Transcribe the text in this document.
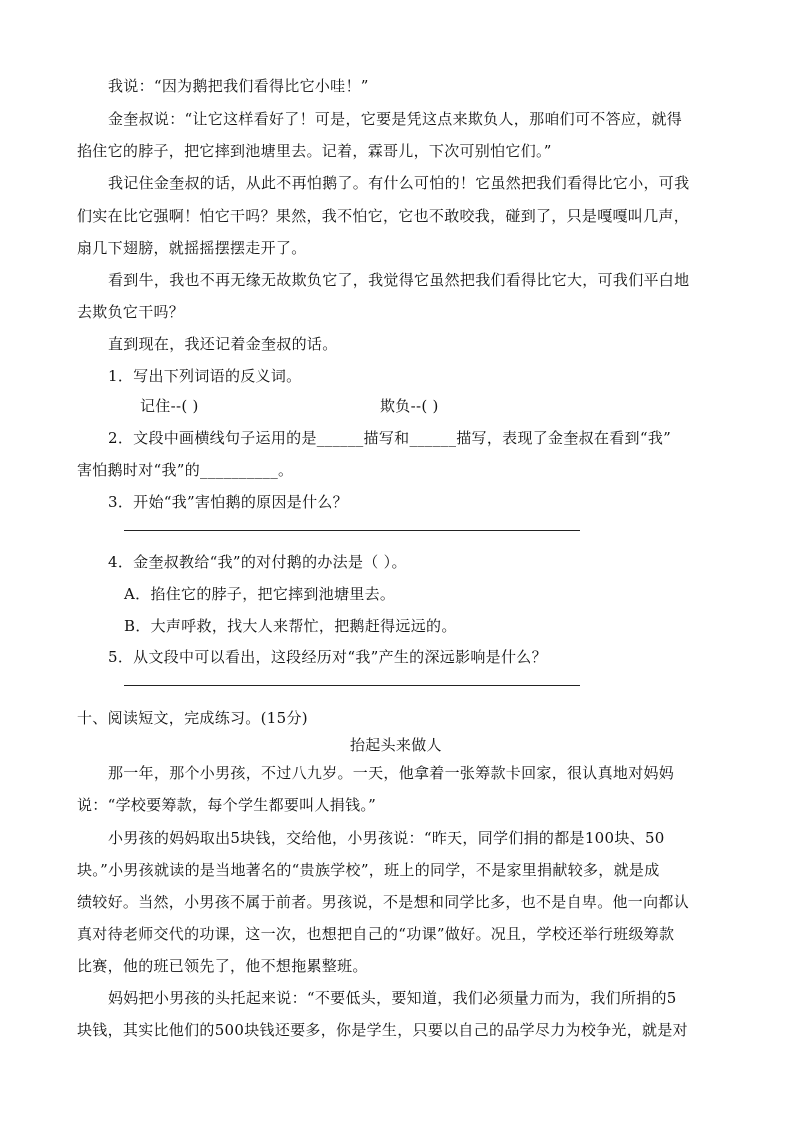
我说：“因为鹅把我们看得比它小哇！”
金奎叔说：“让它这样看好了！可是，它要是凭这点来欺负人，那咱们可不答应，就得
掐住它的脖子，把它摔到池塘里去。记着，霖哥儿，下次可别怕它们。”
我记住金奎叔的话，从此不再怕鹅了。有什么可怕的！它虽然把我们看得比它小，可我
们实在比它强啊！怕它干吗？果然，我不怕它，它也不敢咬我，碰到了，只是嘎嘎叫几声，
扇几下翅膀，就摇摇摆摆走开了。
看到牛，我也不再无缘无故欺负它了，我觉得它虽然把我们看得比它大，可我们平白地
去欺负它干吗？
直到现在，我还记着金奎叔的话。
1．写出下列词语的反义词。
记住--( )	欺负--( )
2．文段中画横线句子运用的是______描写和______描写，表现了金奎叔在看到“我”
害怕鹅时对“我”的__________。
3．开始“我”害怕鹅的原因是什么？
4．金奎叔教给“我”的对付鹅的办法是（ ）。
A．掐住它的脖子，把它摔到池塘里去。
B．大声呼救，找大人来帮忙，把鹅赶得远远的。
5．从文段中可以看出，这段经历对“我”产生的深远影响是什么？
十、阅读短文，完成练习。(15分)
抬起头来做人
那一年，那个小男孩，不过八九岁。一天，他拿着一张筹款卡回家，很认真地对妈妈
说：“学校要筹款，每个学生都要叫人捐钱。”
小男孩的妈妈取出5块钱，交给他，小男孩说：“昨天，同学们捐的都是100块、50
块。”小男孩就读的是当地著名的“贵族学校”，班上的同学，不是家里捐献较多，就是成
绩较好。当然，小男孩不属于前者。男孩说，不是想和同学比多，也不是自卑。他一向都认
真对待老师交代的功课，这一次，也想把自己的“功课”做好。况且，学校还举行班级筹款
比赛，他的班已领先了，他不想拖累整班。
妈妈把小男孩的头托起来说：“不要低头，要知道，我们必须量力而为，我们所捐的5
块钱，其实比他们的500块钱还要多，你是学生，只要以自己的品学尽力为校争光，就是对
